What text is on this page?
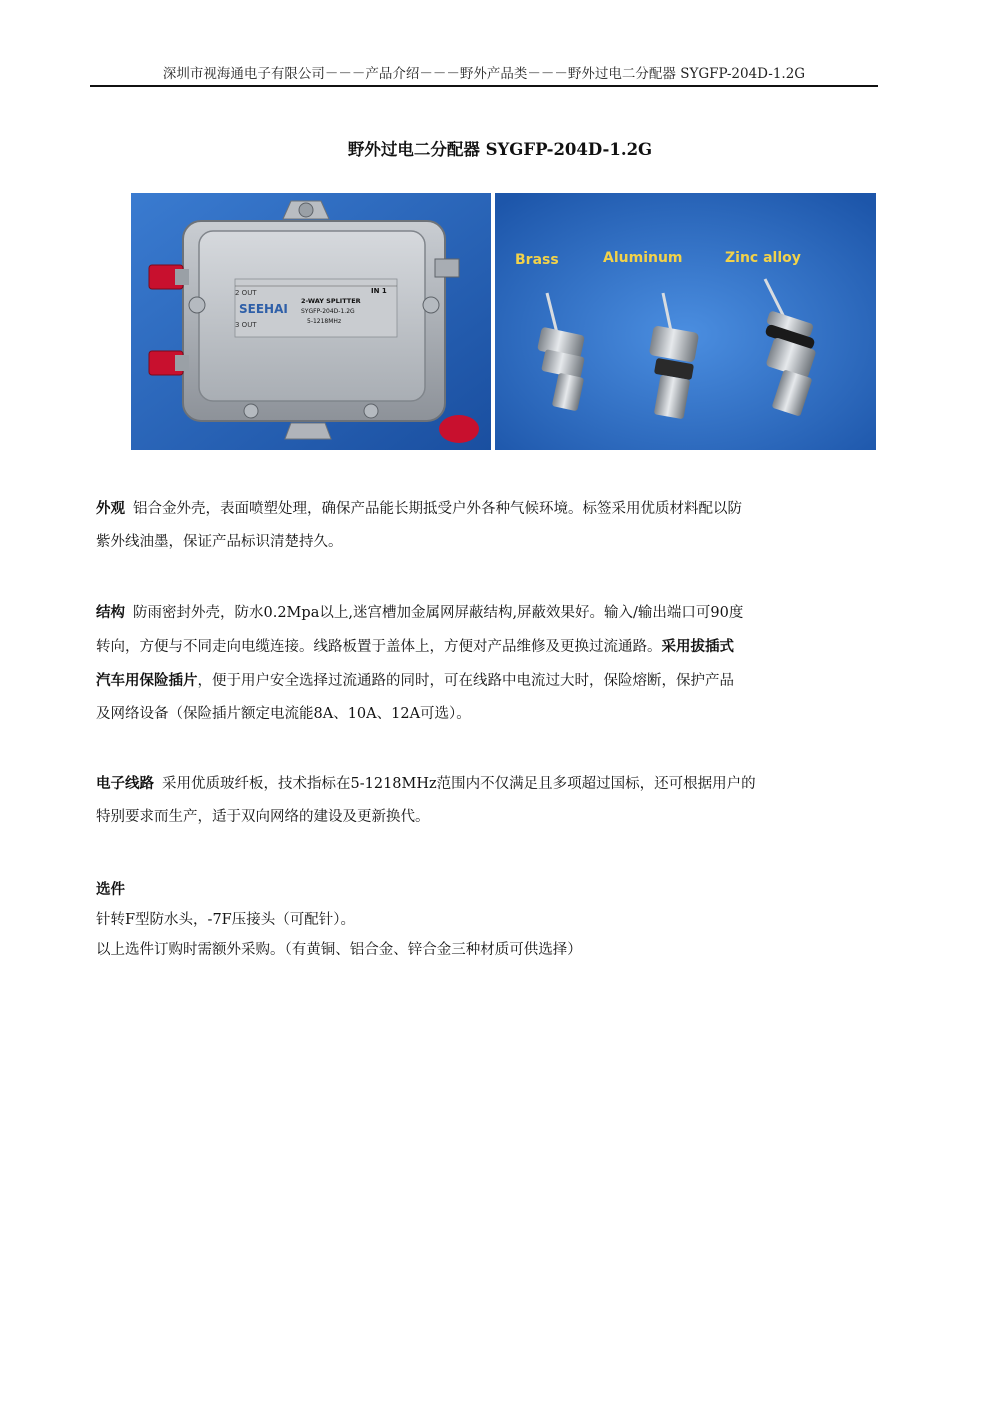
深圳市视海通电子有限公司－－－产品介绍－－－野外产品类－－－野外过电二分配器 SYGFP-204D-1.2G
野外过电二分配器 SYGFP-204D-1.2G
2 OUT	IN 1
3 OUT
SEEHAI
2-WAY SPLITTER
SYGFP-204D-1.2G
5-1218MHz
Brass	Aluminum	Zinc alloy
外观 铝合金外壳，表面喷塑处理，确保产品能长期抵受户外各种气候环境。标签采用优质材料配以防
紫外线油墨，保证产品标识清楚持久。
结构 防雨密封外壳，防水0.2Mpa以上,迷宫槽加金属网屏蔽结构,屏蔽效果好。输入/输出端口可90度
转向，方便与不同走向电缆连接。线路板置于盖体上，方便对产品维修及更换过流通路。采用拔插式
汽车用保险插片，便于用户安全选择过流通路的同时，可在线路中电流过大时，保险熔断，保护产品
及网络设备（保险插片额定电流能8A、10A、12A可选）。
电子线路 采用优质玻纤板，技术指标在5-1218MHz范围内不仅满足且多项超过国标，还可根据用户的
特别要求而生产，适于双向网络的建设及更新换代。
选件
针转F型防水头，-7F压接头（可配针）。
以上选件订购时需额外采购。（有黄铜、铝合金、锌合金三种材质可供选择）
